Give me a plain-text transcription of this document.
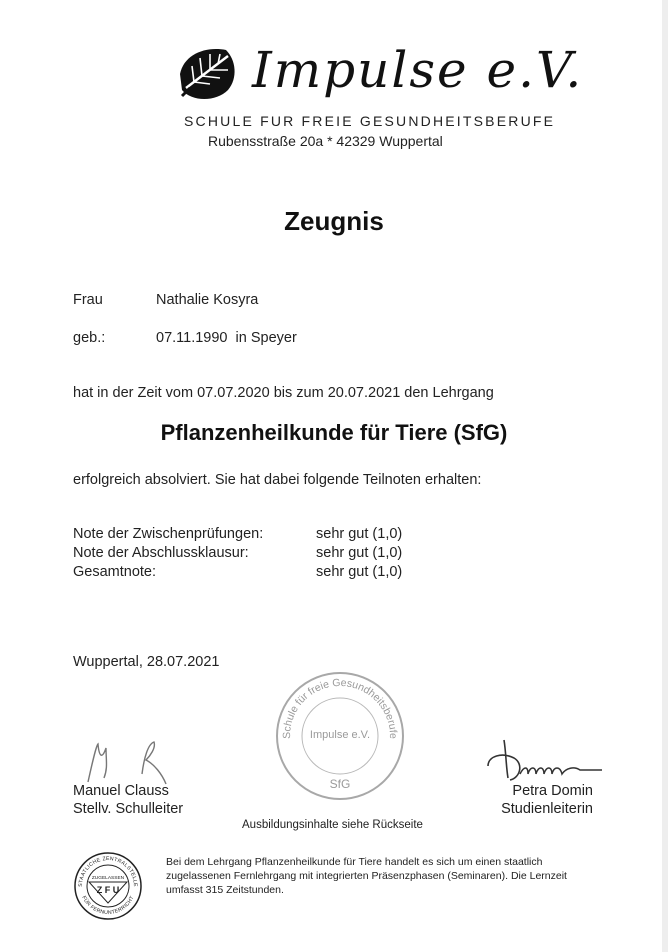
Impulse e.V.
SCHULE FUR FREIE GESUNDHEITSBERUFE
Rubensstraße 20a * 42329 Wuppertal
Zeugnis
Frau	Nathalie Kosyra
geb.:	07.11.1990  in Speyer
hat in der Zeit vom 07.07.2020 bis zum 20.07.2021 den Lehrgang
Pflanzenheilkunde für Tiere (SfG)
erfolgreich absolviert. Sie hat dabei folgende Teilnoten erhalten:
Note der Zwischenprüfungen:	sehr gut (1,0)
Note der Abschlussklausur:	sehr gut (1,0)
Gesamtnote:	sehr gut (1,0)
Wuppertal, 28.07.2021
Schule für freie Gesundheitsberufe
Impulse e.V.
SfG
Manuel Clauss
Stellv. Schulleiter
Petra Domin
Studienleiterin
Ausbildungsinhalte siehe Rückseite
STAATLICHE ZENTRALSTELLE
FÜR FERNUNTERRICHT
ZUGELASSEN
Z F U
Bei dem Lehrgang Pflanzenheilkunde für Tiere handelt es sich um einen staatlich zugelassenen Fernlehrgang mit integrierten Präsenzphasen (Seminaren). Die Lernzeit umfasst 315 Zeitstunden.
